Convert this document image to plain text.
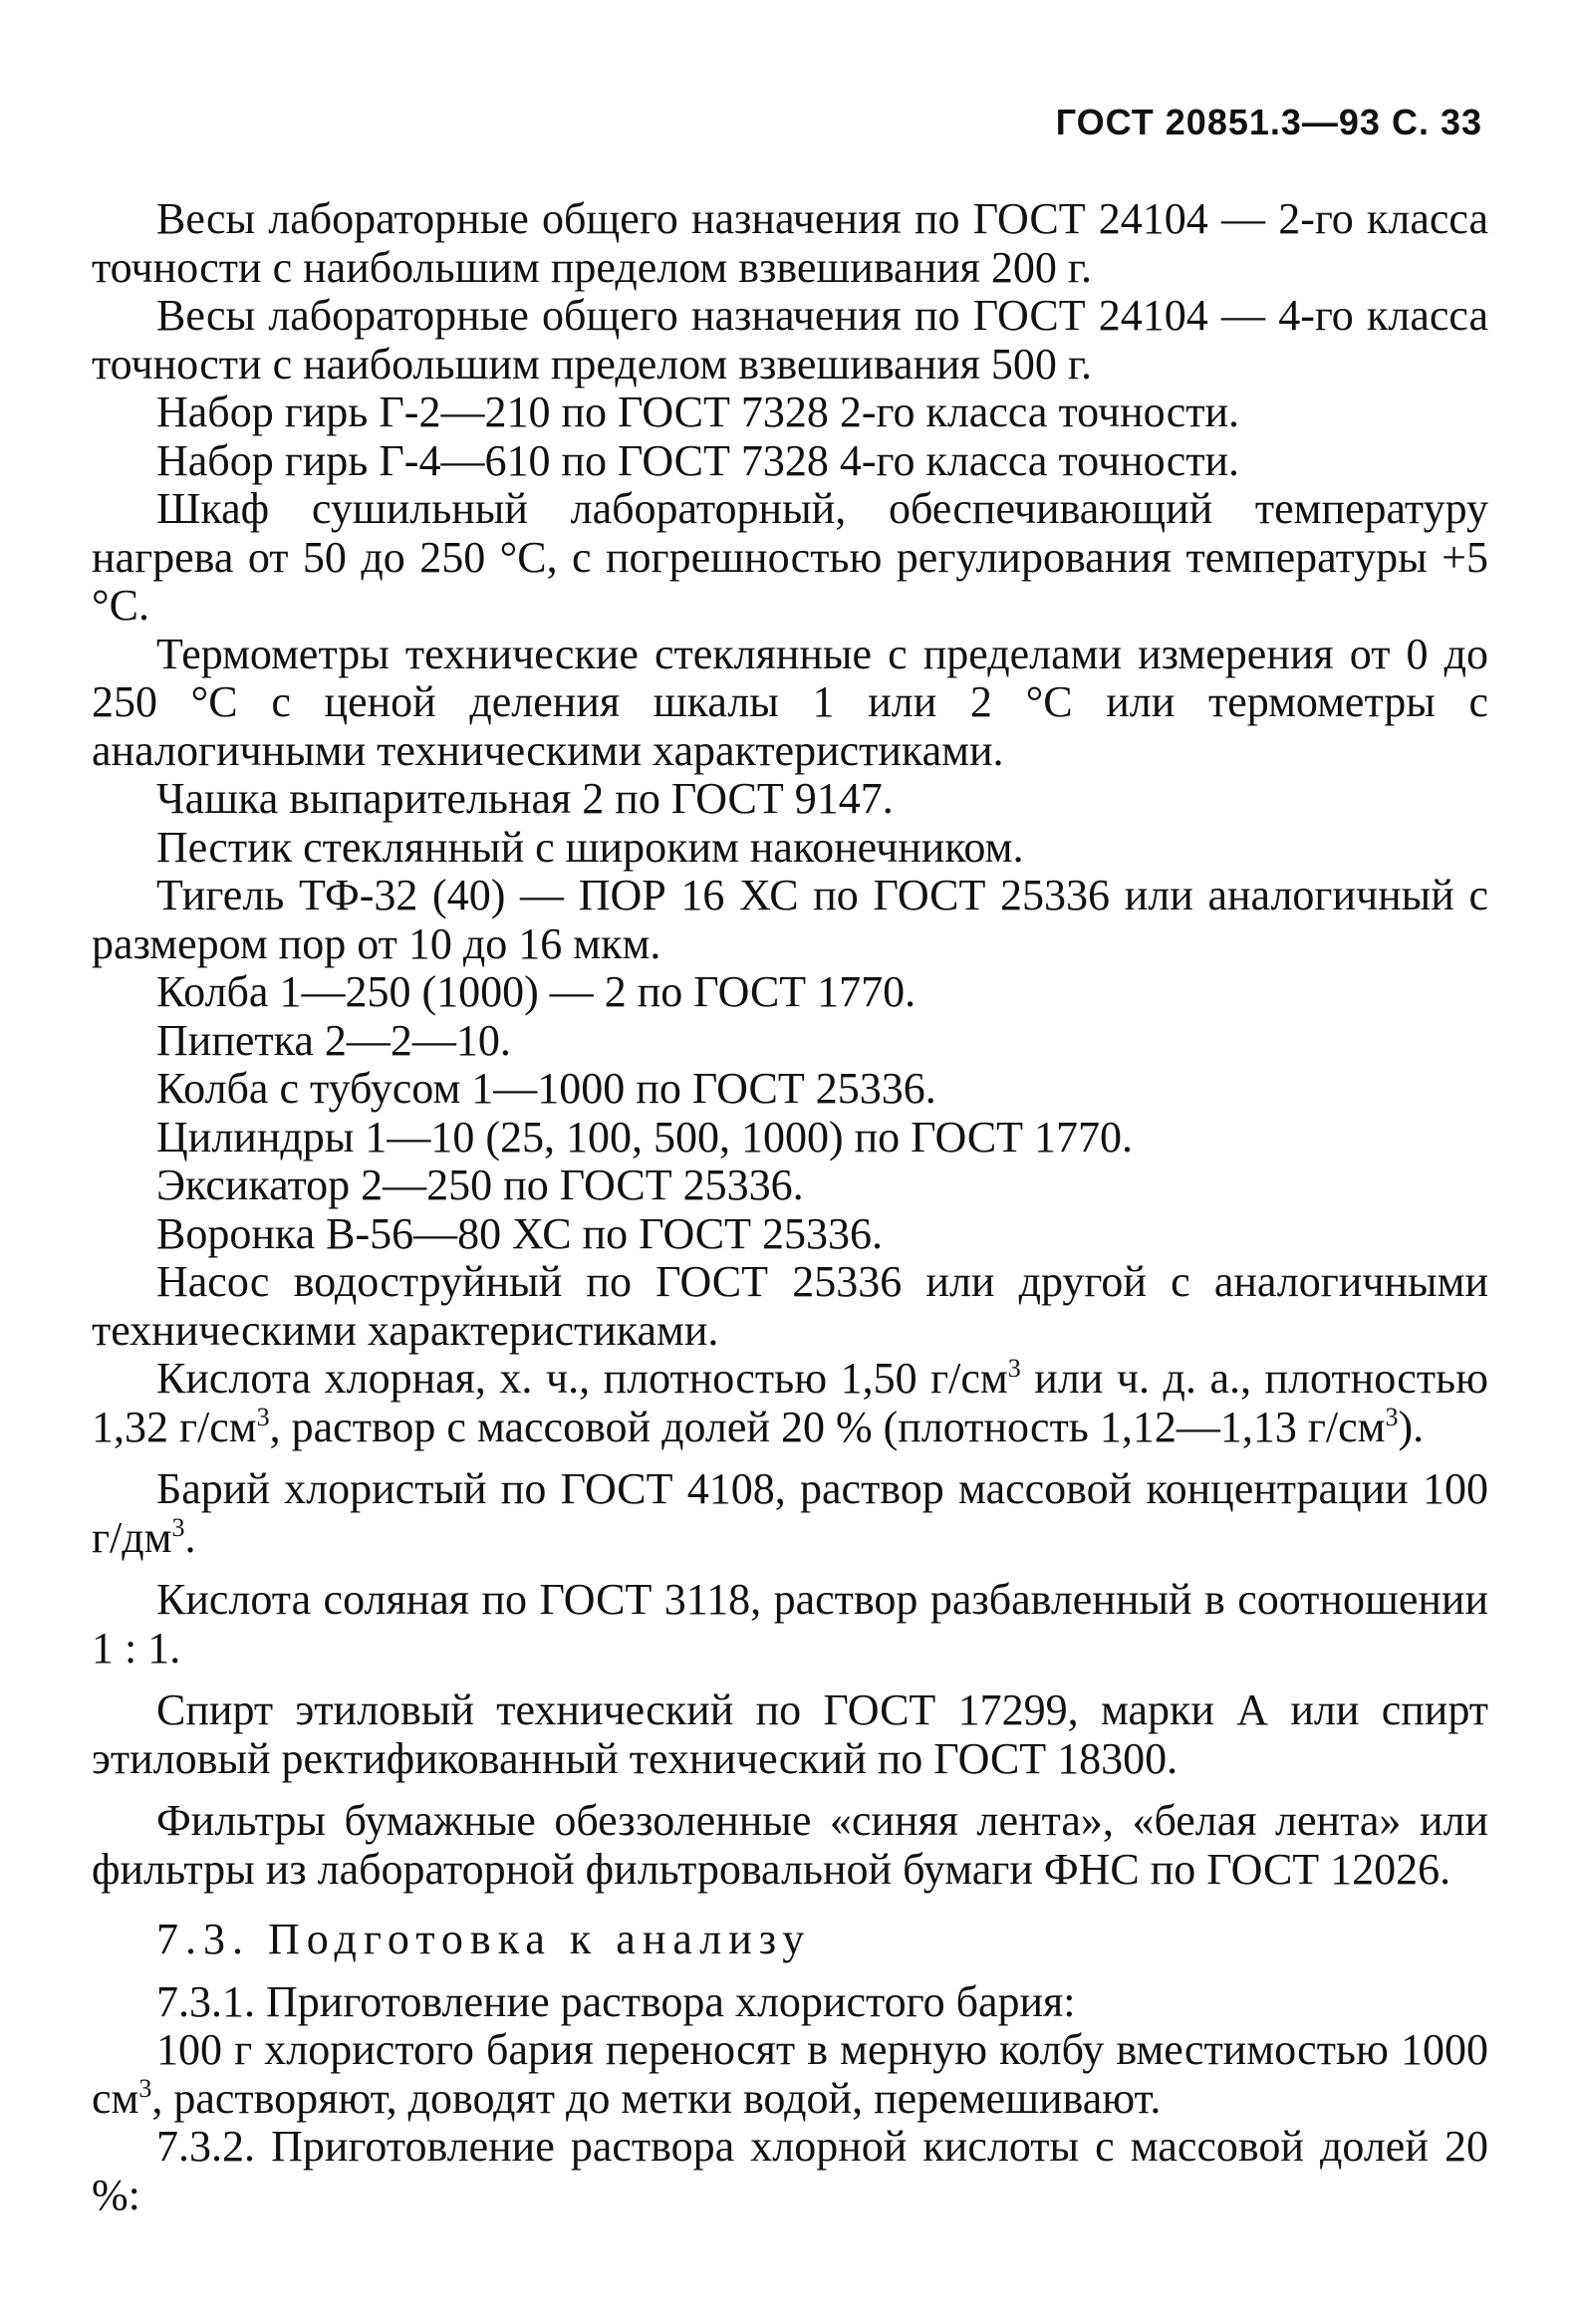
ГОСТ 20851.3—93 С. 33

Весы лабораторные общего назначения по ГОСТ 24104 — 2-го класса точности с наибольшим пределом взвешивания 200 г.

Весы лабораторные общего назначения по ГОСТ 24104 — 4-го класса точности с наибольшим пределом взвешивания 500 г.

Набор гирь Г-2—210 по ГОСТ 7328 2-го класса точности.

Набор гирь Г-4—610 по ГОСТ 7328 4-го класса точности.

Шкаф сушильный лабораторный, обеспечивающий температуру нагрева от 50 до 250 °С, с погрешностью регулирования температуры +5 °С.

Термометры технические стеклянные с пределами измерения от 0 до 250 °С с ценой деления шкалы 1 или 2 °С или термометры с аналогичными техническими характеристиками.

Чашка выпарительная 2 по ГОСТ 9147.

Пестик стеклянный с широким наконечником.

Тигель ТФ-32 (40) — ПОР 16 ХС по ГОСТ 25336 или аналогичный с размером пор от 10 до 16 мкм.

Колба 1—250 (1000) — 2 по ГОСТ 1770.

Пипетка 2—2—10.

Колба с тубусом 1—1000 по ГОСТ 25336.

Цилиндры 1—10 (25, 100, 500, 1000) по ГОСТ 1770.

Эксикатор 2—250 по ГОСТ 25336.

Воронка В-56—80 ХС по ГОСТ 25336.

Насос водоструйный по ГОСТ 25336 или другой с аналогичными техническими характеристиками.

Кислота хлорная, х. ч., плотностью 1,50 $г/см^3$ или ч. д. а., плотностью 1,32 $г/см^3$, раствор с массовой долей 20 % (плотность 1,12—1,13 $г/см^3$).

Барий хлористый по ГОСТ 4108, раствор массовой концентрации 100 $г/дм^3$.

Кислота соляная по ГОСТ 3118, раствор разбавленный в соотношении 1 : 1.

Спирт этиловый технический по ГОСТ 17299, марки А или спирт этиловый ректификованный технический по ГОСТ 18300.

Фильтры бумажные обеззоленные «синяя лента», «белая лента» или фильтры из лабораторной фильтровальной бумаги ФНС по ГОСТ 12026.

7.3. Подготовка к анализу

7.3.1. Приготовление раствора хлористого бария:

100 г хлористого бария переносят в мерную колбу вместимостью 1000 $см^3$, растворяют, доводят до метки водой, перемешивают.

7.3.2. Приготовление раствора хлорной кислоты с массовой долей 20 %:
